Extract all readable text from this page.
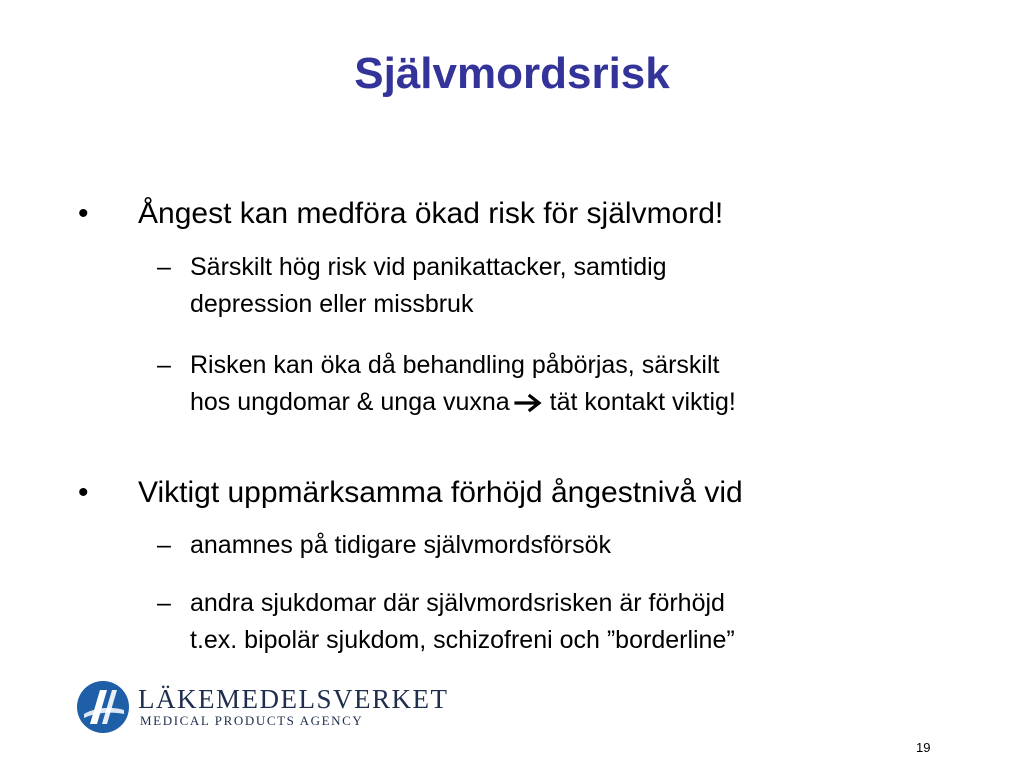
Självmordsrisk
•	Ångest kan medföra ökad risk för självmord!
– Särskilt hög risk vid panikattacker, samtidig
depression eller missbruk
– Risken kan öka då behandling påbörjas, särskilt
hos ungdomar & unga vuxna tät kontakt viktig!
•	Viktigt uppmärksamma förhöjd ångestnivå vid
– anamnes på tidigare självmordsförsök
– andra sjukdomar där självmordsrisken är förhöjd
t.ex. bipolär sjukdom, schizofreni och ”borderline”
LÄKEMEDELSVERKET
MEDICAL PRODUCTS AGENCY
19
